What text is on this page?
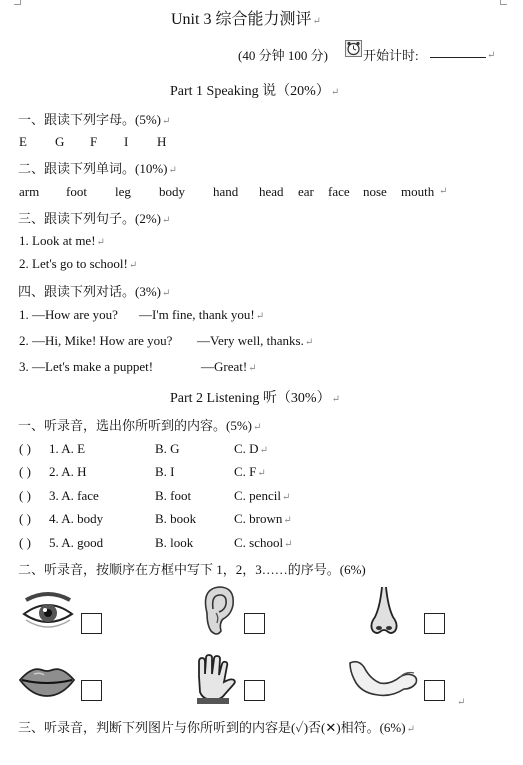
Unit 3 综合能力测评↵
(40 分钟 100 分)	开始计时:	↵
Part 1 Speaking 说（20%）↵
一、跟读下列字母。(5%)↵
E G F I H
二、跟读下列单词。(10%)↵
arm foot leg body hand head ear face nose mouth ↵
三、跟读下列句子。(2%)↵
1. Look at me!↵
2. Let's go to school!↵
四、跟读下列对话。(3%)↵
1. —How are you? —I'm fine, thank you!↵
2. —Hi, Mike! How are you? —Very well, thanks.↵
3. —Let's make a puppet!	—Great!↵
Part 2 Listening 听（30%）↵
一、听录音，选出你所听到的内容。(5%)↵
( ) 1. A. E	B. G	C. D↵
( ) 2. A. H	B. I	C. F↵
( ) 3. A. face	B. foot	C. pencil↵
( ) 4. A. body	B. book	C. brown↵
( ) 5. A. good	B. look	C. school↵
二、听录音，按顺序在方框中写下 1，2，3……的序号。(6%)
↵
三、听录音，判断下列图片与你所听到的内容是(✓)否(✕)相符。(6%)↵
